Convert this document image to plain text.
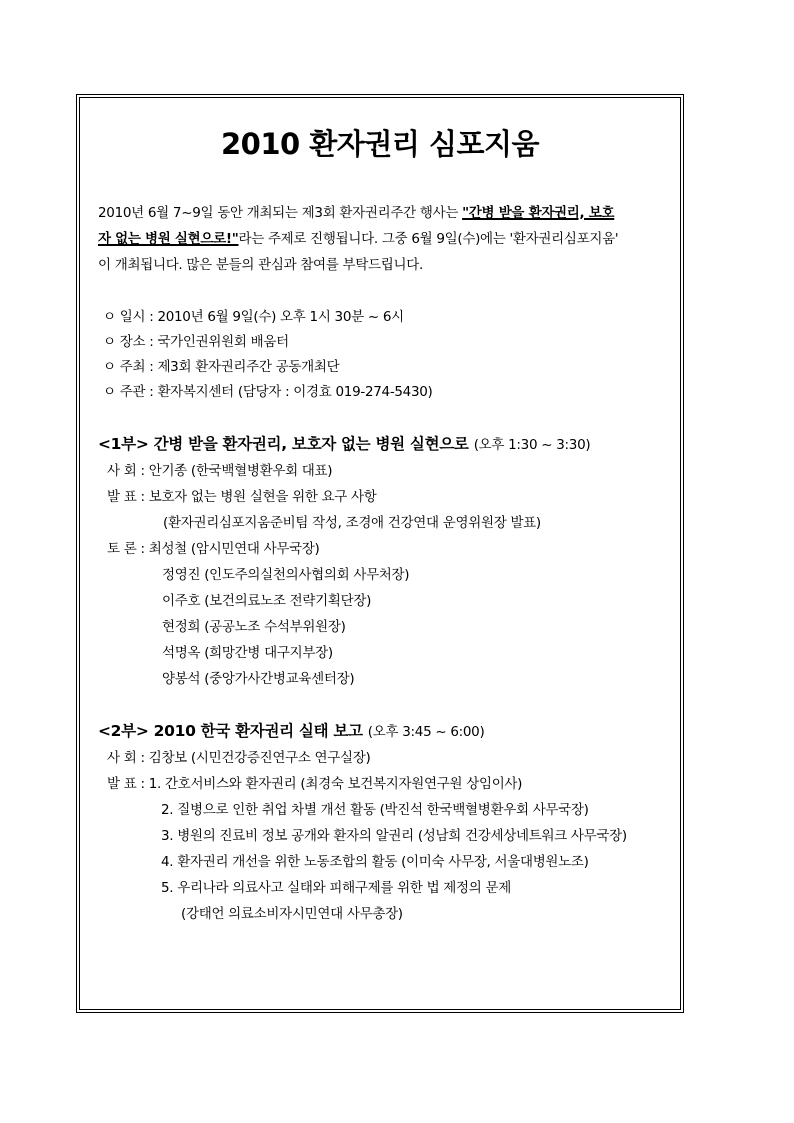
2010 환자권리 심포지움
2010년 6월 7~9일 동안 개최되는 제3회 환자권리주간 행사는 "간병 받을 환자권리, 보호
자 없는 병원 실현으로!"라는 주제로 진행됩니다. 그중 6월 9일(수)에는 '환자권리심포지움'
이 개최됩니다. 많은 분들의 관심과 참여를 부탁드립니다.
ㅇ 일시 : 2010년 6월 9일(수) 오후 1시 30분 ~ 6시
ㅇ 장소 : 국가인권위원회 배움터
ㅇ 주최 : 제3회 환자권리주간 공동개최단
ㅇ 주관 : 환자복지센터 (담당자 : 이경효 019-274-5430)
<1부> 간병 받을 환자권리, 보호자 없는 병원 실현으로 (오후 1:30 ~ 3:30)
사 회 : 안기종 (한국백혈병환우회 대표)
발 표 : 보호자 없는 병원 실현을 위한 요구 사항
(환자권리심포지움준비팀 작성, 조경애 건강연대 운영위원장 발표)
토 론 : 최성철 (암시민연대 사무국장)
정영진 (인도주의실천의사협의회 사무처장)
이주호 (보건의료노조 전략기획단장)
현정희 (공공노조 수석부위원장)
석명옥 (희망간병 대구지부장)
양봉석 (중앙가사간병교육센터장)
<2부> 2010 한국 환자권리 실태 보고 (오후 3:45 ~ 6:00)
사 회 : 김창보 (시민건강증진연구소 연구실장)
발 표 : 1. 간호서비스와 환자권리 (최경숙 보건복지자원연구원 상임이사)
2. 질병으로 인한 취업 차별 개선 활동 (박진석 한국백혈병환우회 사무국장)
3. 병원의 진료비 정보 공개와 환자의 알권리 (성남희 건강세상네트워크 사무국장)
4. 환자권리 개선을 위한 노동조합의 활동 (이미숙 사무장, 서울대병원노조)
5. 우리나라 의료사고 실태와 피해구제를 위한 법 제정의 문제
(강태언 의료소비자시민연대 사무총장)
